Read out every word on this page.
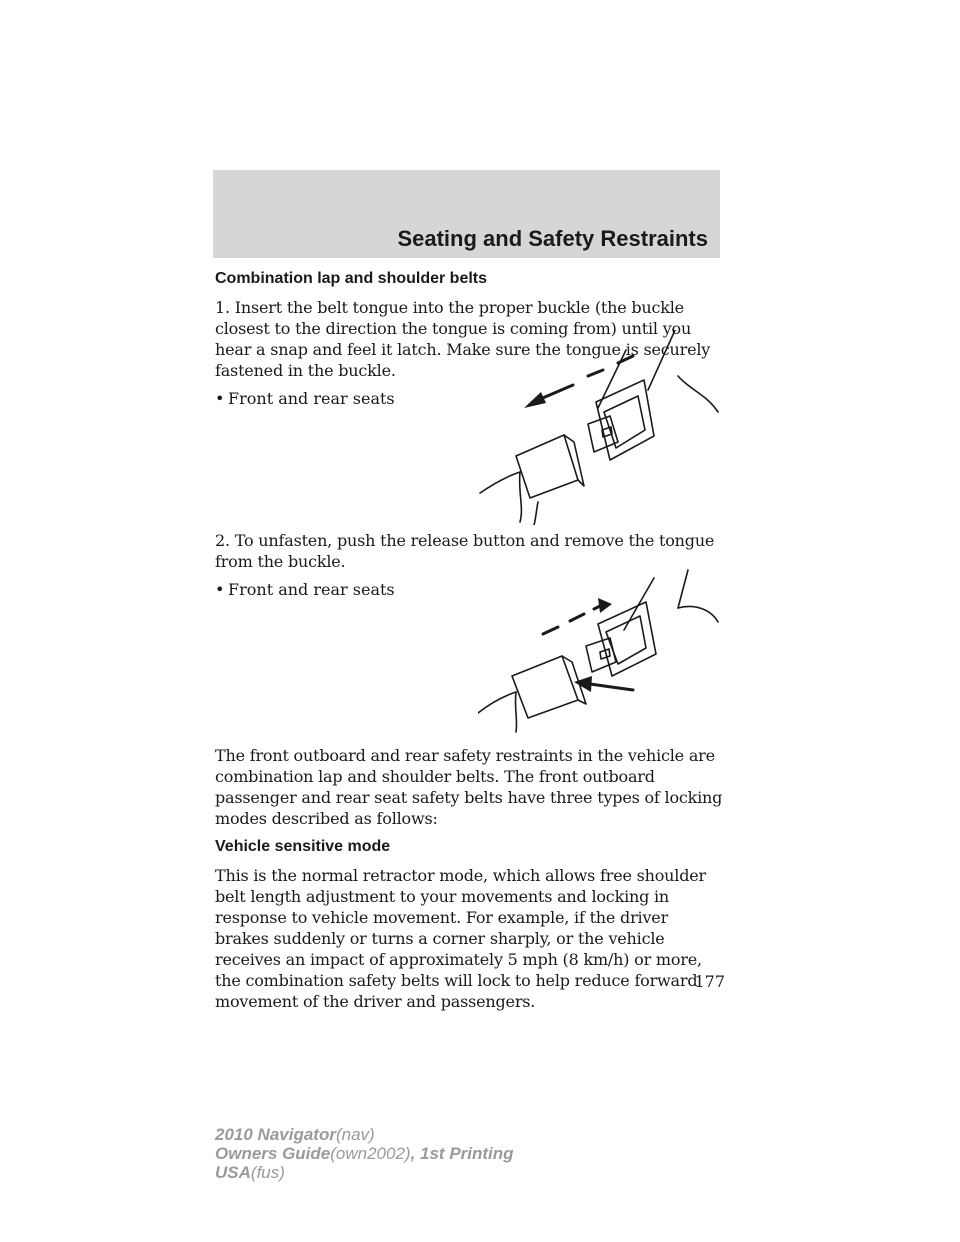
Seating and Safety Restraints

Combination lap and shoulder belts

1. Insert the belt tongue into the proper buckle (the buckle closest to the direction the tongue is coming from) until you hear a snap and feel it latch. Make sure the tongue is securely fastened in the buckle.

• Front and rear seats

2. To unfasten, push the release button and remove the tongue from the buckle.

• Front and rear seats

The front outboard and rear safety restraints in the vehicle are combination lap and shoulder belts. The front outboard passenger and rear seat safety belts have three types of locking modes described as follows:

Vehicle sensitive mode

This is the normal retractor mode, which allows free shoulder belt length adjustment to your movements and locking in response to vehicle movement. For example, if the driver brakes suddenly or turns a corner sharply, or the vehicle receives an impact of approximately 5 mph (8 km/h) or more, the combination safety belts will lock to help reduce forward movement of the driver and passengers.

177

2010 Navigator(nav)
Owners Guide(own2002), 1st Printing
USA(fus)
